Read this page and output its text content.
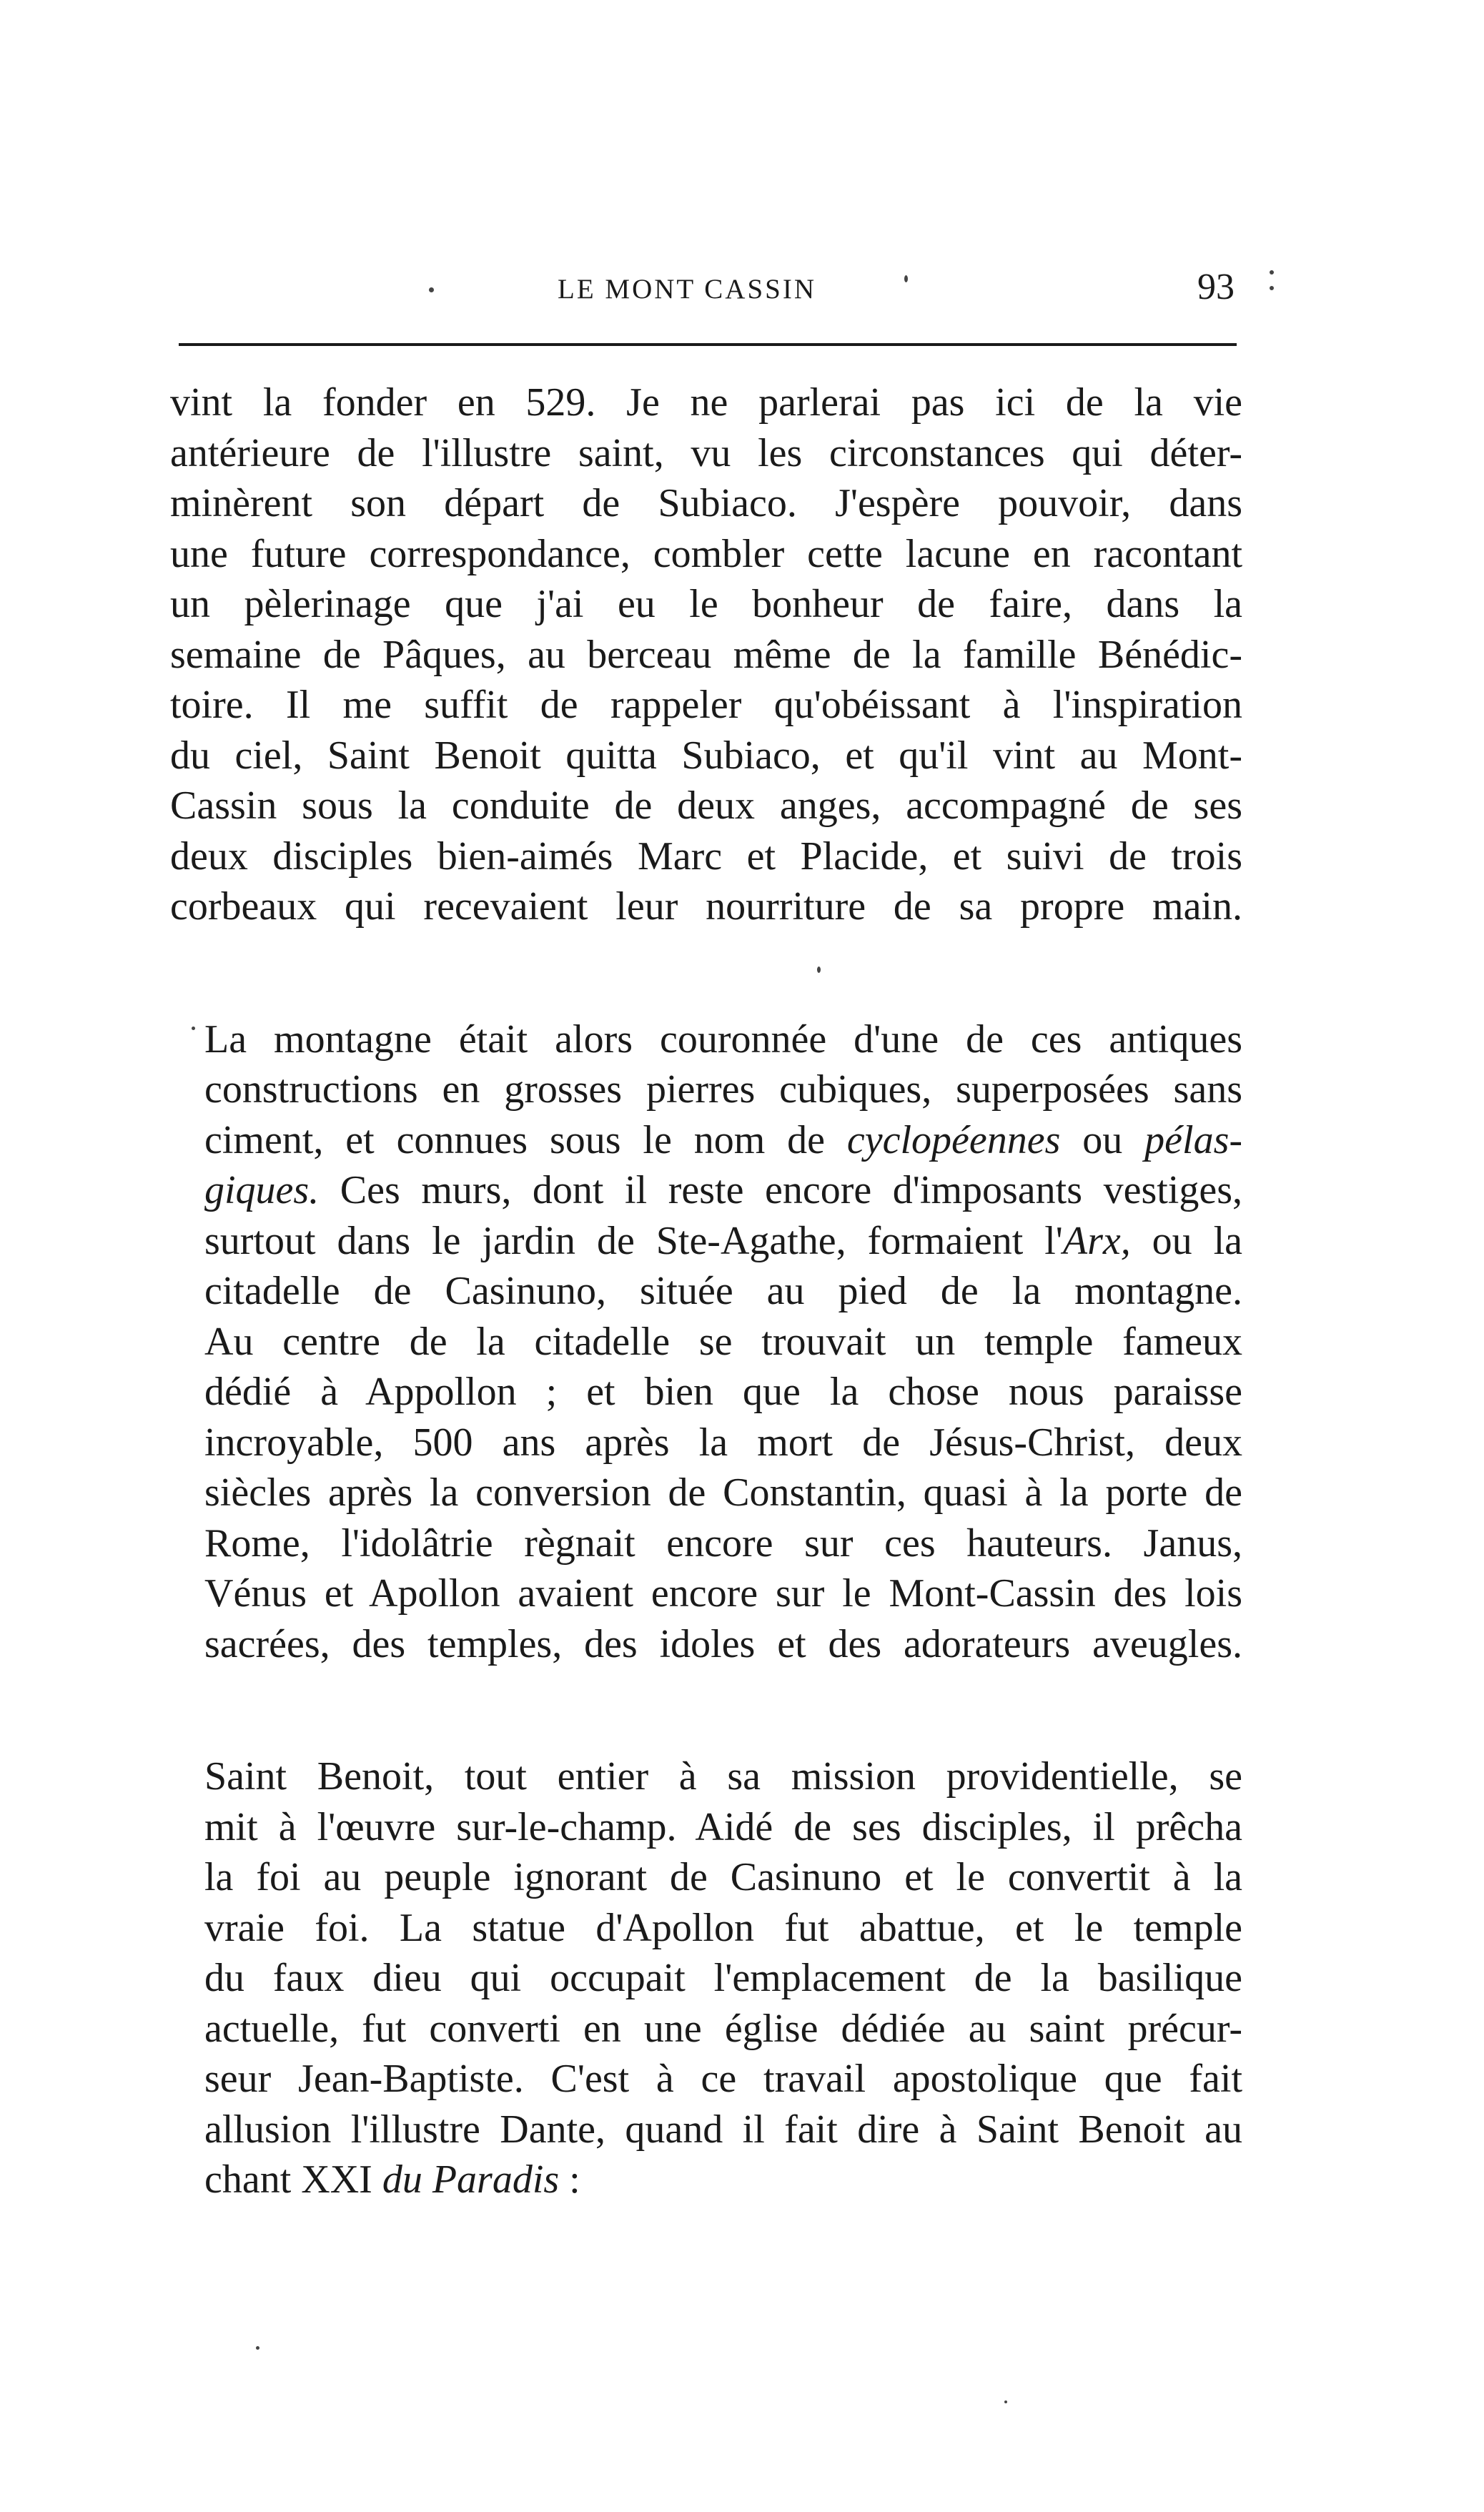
LE MONT CASSIN	93

vint la fonder en 529. Je ne parlerai pas ici de la vie
antérieure de l'illustre saint, vu les circonstances qui déter-
minèrent son départ de Subiaco. J'espère pouvoir, dans
une future correspondance, combler cette lacune en racontant
un pèlerinage que j'ai eu le bonheur de faire, dans la
semaine de Pâques, au berceau même de la famille Bénédic-
toire. Il me suffit de rappeler qu'obéissant à l'inspiration
du ciel, Saint Benoit quitta Subiaco, et qu'il vint au Mont-
Cassin sous la conduite de deux anges, accompagné de ses
deux disciples bien-aimés Marc et Placide, et suivi de trois
corbeaux qui recevaient leur nourriture de sa propre main.

La montagne était alors couronnée d'une de ces antiques
constructions en grosses pierres cubiques, superposées sans
ciment, et connues sous le nom de cyclopéennes ou pélas-
giques. Ces murs, dont il reste encore d'imposants vestiges,
surtout dans le jardin de Ste-Agathe, formaient l'Arx, ou la
citadelle de Casinuno, située au pied de la montagne.
Au centre de la citadelle se trouvait un temple fameux
dédié à Appollon ; et bien que la chose nous paraisse
incroyable, 500 ans après la mort de Jésus-Christ, deux
siècles après la conversion de Constantin, quasi à la porte de
Rome, l'idolâtrie règnait encore sur ces hauteurs. Janus,
Vénus et Apollon avaient encore sur le Mont-Cassin des lois
sacrées, des temples, des idoles et des adorateurs aveugles.

Saint Benoit, tout entier à sa mission providentielle, se
mit à l'œuvre sur-le-champ. Aidé de ses disciples, il prêcha
la foi au peuple ignorant de Casinuno et le convertit à la
vraie foi. La statue d'Apollon fut abattue, et le temple
du faux dieu qui occupait l'emplacement de la basilique
actuelle, fut converti en une église dédiée au saint précur-
seur Jean-Baptiste. C'est à ce travail apostolique que fait
allusion l'illustre Dante, quand il fait dire à Saint Benoit au
chant XXI du Paradis :
